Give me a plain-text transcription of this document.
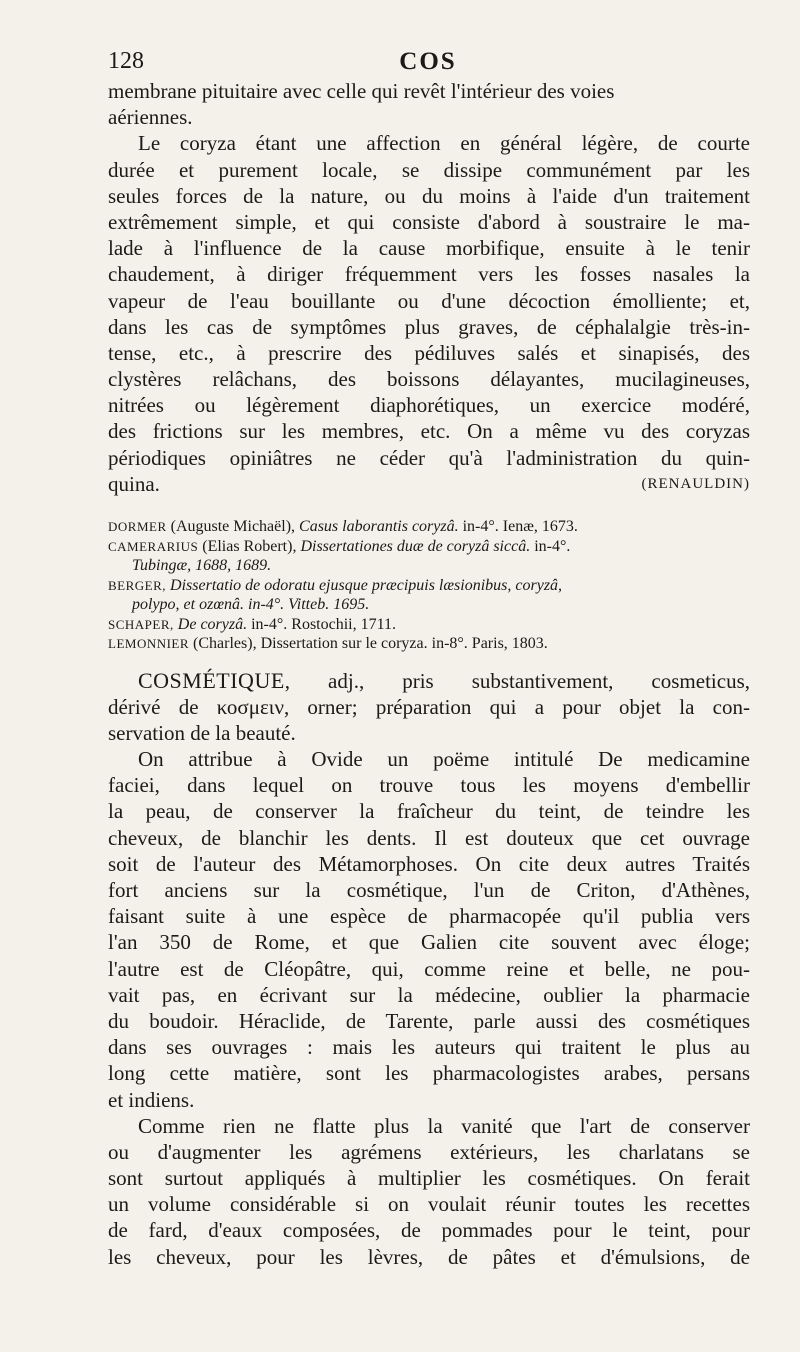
128	COS
membrane pituitaire avec celle qui revêt l'intérieur des voies
aériennes.
Le coryza étant une affection en général légère, de courte
durée et purement locale, se dissipe communément par les
seules forces de la nature, ou du moins à l'aide d'un traitement
extrêmement simple, et qui consiste d'abord à soustraire le ma-
lade à l'influence de la cause morbifique, ensuite à le tenir
chaudement, à diriger fréquemment vers les fosses nasales la
vapeur de l'eau bouillante ou d'une décoction émolliente; et,
dans les cas de symptômes plus graves, de céphalalgie très-in-
tense, etc., à prescrire des pédiluves salés et sinapisés, des
clystères relâchans, des boissons délayantes, mucilagineuses,
nitrées ou légèrement diaphorétiques, un exercice modéré,
des frictions sur les membres, etc. On a même vu des coryzas
périodiques opiniâtres ne céder qu'à l'administration du quin-
quina.	(RENAULDIN)
DORMER (Auguste Michaël), Casus laborantis coryzâ. in-4°. Ienæ, 1673.
CAMERARIUS (Elias Robert), Dissertationes duæ de coryzâ siccâ. in-4°.
Tubingæ, 1688, 1689.
BERGER, Dissertatio de odoratu ejusque præcipuis læsionibus, coryzâ,
polypo, et ozœnâ. in-4°. Vitteb. 1695.
SCHAPER, De coryzâ. in-4°. Rostochii, 1711.
LEMONNIER (Charles), Dissertation sur le coryza. in-8°. Paris, 1803.
COSMÉTIQUE, adj., pris substantivement, cosmeticus,
dérivé de κοσμειν, orner; préparation qui a pour objet la con-
servation de la beauté.
On attribue à Ovide un poëme intitulé De medicamine
faciei, dans lequel on trouve tous les moyens d'embellir
la peau, de conserver la fraîcheur du teint, de teindre les
cheveux, de blanchir les dents. Il est douteux que cet ouvrage
soit de l'auteur des Métamorphoses. On cite deux autres Traités
fort anciens sur la cosmétique, l'un de Criton, d'Athènes,
faisant suite à une espèce de pharmacopée qu'il publia vers
l'an 350 de Rome, et que Galien cite souvent avec éloge;
l'autre est de Cléopâtre, qui, comme reine et belle, ne pou-
vait pas, en écrivant sur la médecine, oublier la pharmacie
du boudoir. Héraclide, de Tarente, parle aussi des cosmétiques
dans ses ouvrages : mais les auteurs qui traitent le plus au
long cette matière, sont les pharmacologistes arabes, persans
et indiens.
Comme rien ne flatte plus la vanité que l'art de conserver
ou d'augmenter les agrémens extérieurs, les charlatans se
sont surtout appliqués à multiplier les cosmétiques. On ferait
un volume considérable si on voulait réunir toutes les recettes
de fard, d'eaux composées, de pommades pour le teint, pour
les cheveux, pour les lèvres, de pâtes et d'émulsions, de
